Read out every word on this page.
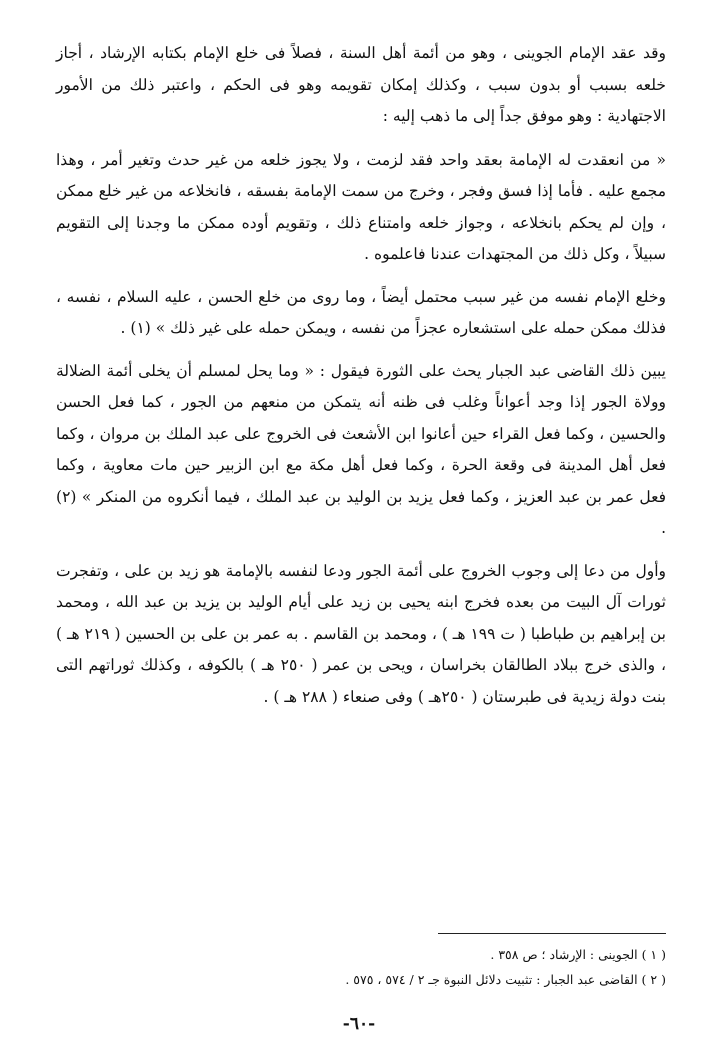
وقد عقد الإمام الجوينى ، وهو من أئمة أهل السنة ، فصلاً فى خلع الإمام بكتابه الإرشاد ، أجاز خلعه بسبب أو بدون سبب ، وكذلك إمكان تقويمه وهو فى الحكم ، واعتبر ذلك من الأمور الاجتهادية : وهو موفق جداً إلى ما ذهب إليه :

« من انعقدت له الإمامة بعقد واحد فقد لزمت ، ولا يجوز خلعه من غير حدث وتغير أمر ، وهذا مجمع عليه . فأما إذا فسق وفجر ، وخرج من سمت الإمامة بفسقه ، فانخلاعه من غير خلع ممكن ، وإن لم يحكم بانخلاعه ، وجواز خلعه وامتناع ذلك ، وتقويم أوده ممكن ما وجدنا إلى التقويم سبيلاً ، وكل ذلك من المجتهدات عندنا فاعلموه .

وخلع الإمام نفسه من غير سبب محتمل أيضاً ، وما روى من خلع الحسن ، عليه السلام ، نفسه ، فذلك ممكن حمله على استشعاره عجزاً من نفسه ، ويمكن حمله على غير ذلك » (١) .

يبين ذلك القاضى عبد الجبار يحث على الثورة فيقول : « وما يحل لمسلم أن يخلى أئمة الضلالة وولاة الجور إذا وجد أعواناً وغلب فى ظنه أنه يتمكن من منعهم من الجور ، كما فعل الحسن والحسين ، وكما فعل القراء حين أعانوا ابن الأشعث فى الخروج على عبد الملك بن مروان ، وكما فعل أهل المدينة فى وقعة الحرة ، وكما فعل أهل مكة مع ابن الزبير حين مات معاوية ، وكما فعل عمر بن عبد العزيز ، وكما فعل يزيد بن الوليد بن عبد الملك ، فيما أنكروه من المنكر » (٢) .

وأول من دعا إلى وجوب الخروج على أئمة الجور ودعا لنفسه بالإمامة هو زيد بن على ، وتفجرت ثورات آل البيت من بعده فخرج ابنه يحيى بن زيد على أيام الوليد بن يزيد بن عبد الله ، ومحمد بن إبراهيم بن طباطبا ( ت ١٩٩ هـ ) ، ومحمد بن القاسم . به عمر بن على بن الحسين ( ٢١٩ هـ ) ، والذى خرج ببلاد الطالقان بخراسان ، ويحى بن عمر ( ٢٥٠ هـ ) بالكوفه ، وكذلك ثوراتهم التى بنت دولة زيدية فى طبرستان ( ٢٥٠هـ ) وفى صنعاء ( ٢٨٨ هـ ) .

( ١ ) الجوينى : الإرشاد ؛ ص ٣٥٨ .
( ٢ ) القاضى عبد الجبار : تثبيت دلائل النبوة جـ ٢ / ٥٧٤ ، ٥٧٥ .
-٦٠-
